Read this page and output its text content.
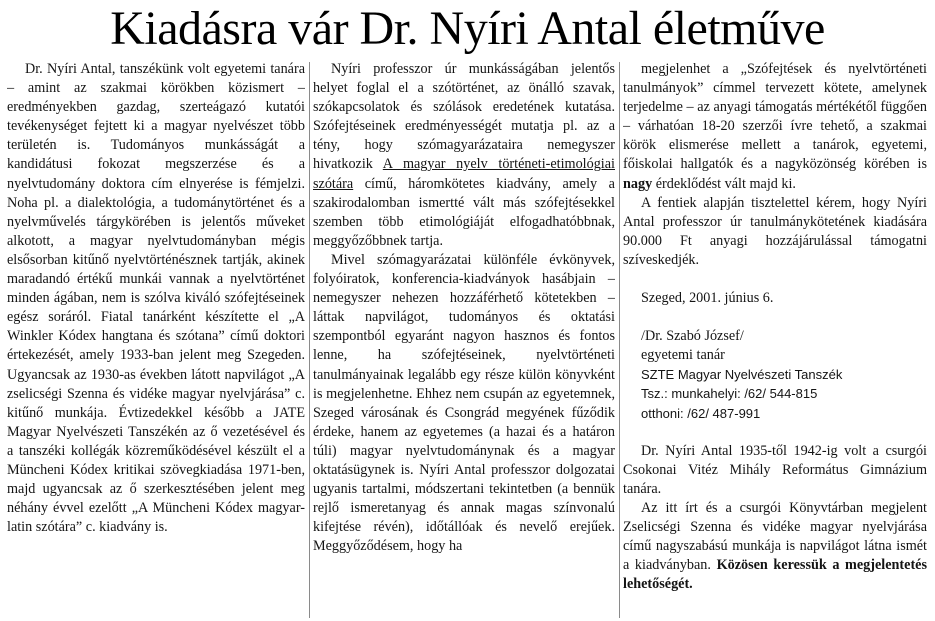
Kiadásra vár Dr. Nyíri Antal életműve

Dr. Nyíri Antal, tanszékünk volt egyetemi tanára – amint az szakmai körökben közismert – eredményekben gazdag, szerteágazó kutatói tevékenységet fejtett ki a magyar nyelvészet több területén is. Tudományos munkásságát a kandidátusi fokozat megszerzése és a nyelvtudomány doktora cím elnyerése is fémjelzi. Noha pl. a dialektológia, a tudománytörténet és a nyelvművelés tárgykörében is jelentős műveket alkotott, a magyar nyelvtudományban mégis elsősorban kitűnő nyelvtörténésznek tartják, akinek maradandó értékű munkái vannak a nyelvtörténet minden ágában, nem is szólva kiváló szófejtéseinek egész soráról. Fiatal tanárként készítette el „A Winkler Kódex hangtana és szótana” című doktori értekezését, amely 1933-ban jelent meg Szegeden. Ugyancsak az 1930-as években látott napvilágot „A zselicségi Szenna és vidéke magyar nyelvjárása” c. kitűnő munkája. Évtizedekkel később a JATE Magyar Nyelvészeti Tanszékén az ő vezetésével és a tanszéki kollégák közreműködésével készült el a Müncheni Kódex kritikai szövegkiadása 1971-ben, majd ugyancsak az ő szerkesztésében jelent meg néhány évvel ezelőtt „A Müncheni Kódex magyar-latin szótára” c. kiadvány is.

Nyíri professzor úr munkásságában jelentős helyet foglal el a szótörténet, az önálló szavak, szókapcsolatok és szólások eredetének kutatása. Szófejtéseinek eredményességét mutatja pl. az a tény, hogy szómagyarázataira nemegyszer hivatkozik A magyar nyelv történeti-etimológiai szótára című, háromkötetes kiadvány, amely a szakirodalomban ismertté vált más szófejtésekkel szemben több etimológiáját elfogadhatóbbnak, meggyőzőbbnek tartja.

Mivel szómagyarázatai különféle évkönyvek, folyóiratok, konferencia-kiadványok hasábjain – nemegyszer nehezen hozzáférhető kötetekben – láttak napvilágot, tudományos és oktatási szempontból egyaránt nagyon hasznos és fontos lenne, ha szófejtéseinek, nyelvtörténeti tanulmányainak legalább egy része külön könyvként is megjelenhetne. Ehhez nem csupán az egyetemnek, Szeged városának és Csongrád megyének fűződik érdeke, hanem az egyetemes (a hazai és a határon túli) magyar nyelvtudománynak és a magyar oktatásügynek is. Nyíri Antal professzor dolgozatai ugyanis tartalmi, módszertani tekintetben (a bennük rejlő ismeretanyag és annak magas színvonalú kifejtése révén), időtállóak és nevelő erejűek. Meggyőződésem, hogy ha

megjelenhet a „Szófejtések és nyelvtörténeti tanulmányok” címmel tervezett kötete, amelynek terjedelme – az anyagi támogatás mértékétől függően – várhatóan 18-20 szerzői ívre tehető, a szakmai körök elismerése mellett a tanárok, egyetemi, főiskolai hallgatók és a nagyközönség körében is nagy érdeklődést vált majd ki.

A fentiek alapján tisztelettel kérem, hogy Nyíri Antal professzor úr tanulmánykötetének kiadására 90.000 Ft anyagi hozzájárulással támogatni szíveskedjék.

Szeged, 2001. június 6.

/Dr. Szabó József/

egyetemi tanár

SZTE Magyar Nyelvészeti Tanszék

Tsz.: munkahelyi: /62/ 544-815

otthoni: /62/ 487-991

Dr. Nyíri Antal 1935-től 1942-ig volt a csurgói Csokonai Vitéz Mihály Református Gimnázium tanára.

Az itt írt és a csurgói Könyvtárban megjelent Zselicségi Szenna és vidéke magyar nyelvjárása című nagyszabású munkája is napvilágot látna ismét a kiadványban. Közösen keressük a megjelentetés lehetőségét.
